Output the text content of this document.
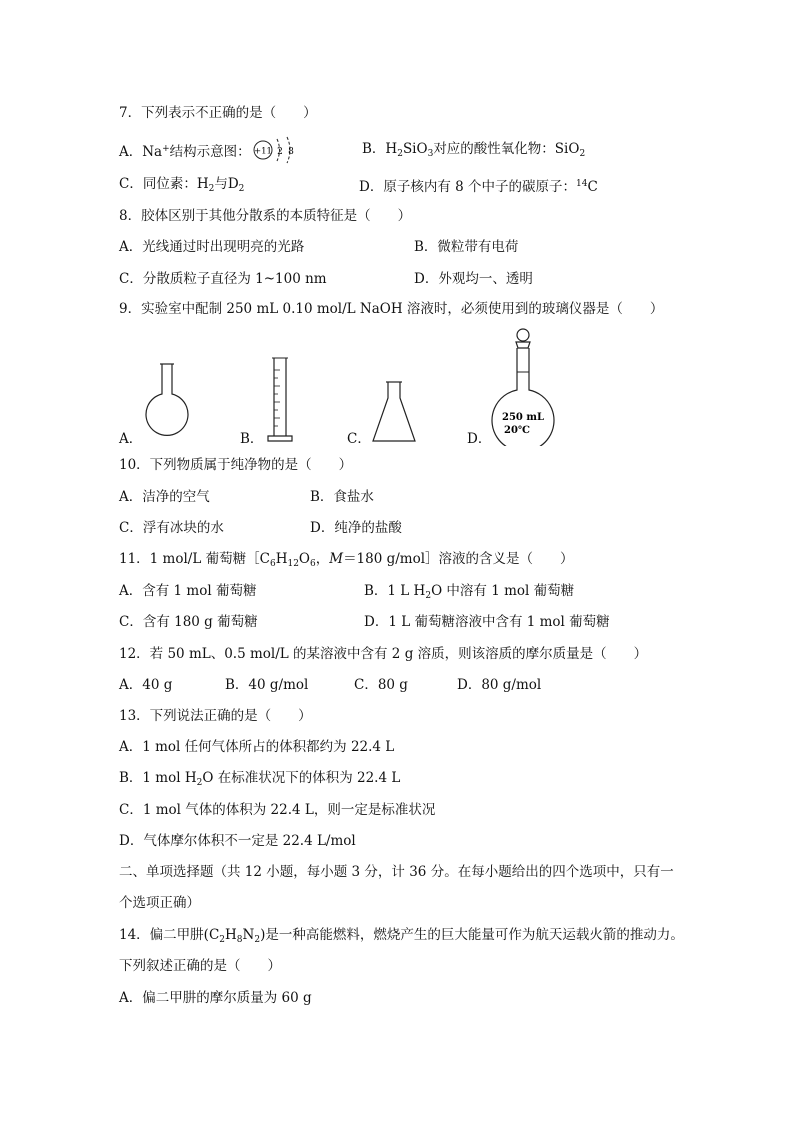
7．下列表示不正确的是（　　）
A．Na+结构示意图： +11 2 8	B．$H_2SiO_3$对应的酸性氧化物：SiO$_2$
C．同位素：$H_2$与$D_2$	D．原子核内有 8 个中子的碳原子：$^{14}$C
8．胶体区别于其他分散系的本质特征是（　　）
A．光线通过时出现明亮的光路	B．微粒带有电荷
C．分散质粒子直径为 1~100 nm	D．外观均一、透明
9．实验室中配制 250 mL 0.10 mol/L NaOH 溶液时，必须使用到的玻璃仪器是（　　）
A．	B．	C．	D．
250 mL
20℃
10．下列物质属于纯净物的是（　　）
A．洁净的空气	B．食盐水
C．浮有冰块的水	D．纯净的盐酸
11．1 mol/L 葡萄糖$[C_6H_{12}O_6$，M＝180 g/mol］溶液的含义是（　　）
A．含有 1 mol 葡萄糖	B．1 L $H_2O$ 中溶有 1 mol 葡萄糖
C．含有 180 g 葡萄糖	D．1 L 葡萄糖溶液中含有 1 mol 葡萄糖
12．若 50 mL、0.5 mol/L 的某溶液中含有 2 g 溶质，则该溶质的摩尔质量是（　　）
A．40 g	B．40 g/mol	C．80 g	D．80 g/mol
13．下列说法正确的是（　　）
A．1 mol 任何气体所占的体积都约为 22.4 L
B．1 mol $H_2O$ 在标准状况下的体积为 22.4 L
C．1 mol 气体的体积为 22.4 L，则一定是标准状况
D．气体摩尔体积不一定是 22.4 L/mol
二、单项选择题（共 12 小题，每小题 3 分，计 36 分。在每小题给出的四个选项中，只有一
个选项正确）
14．偏二甲肼$(C_2H_8N_2)$是一种高能燃料，燃烧产生的巨大能量可作为航天运载火箭的推动力。
下列叙述正确的是（　　）
A．偏二甲肼的摩尔质量为 60 g
